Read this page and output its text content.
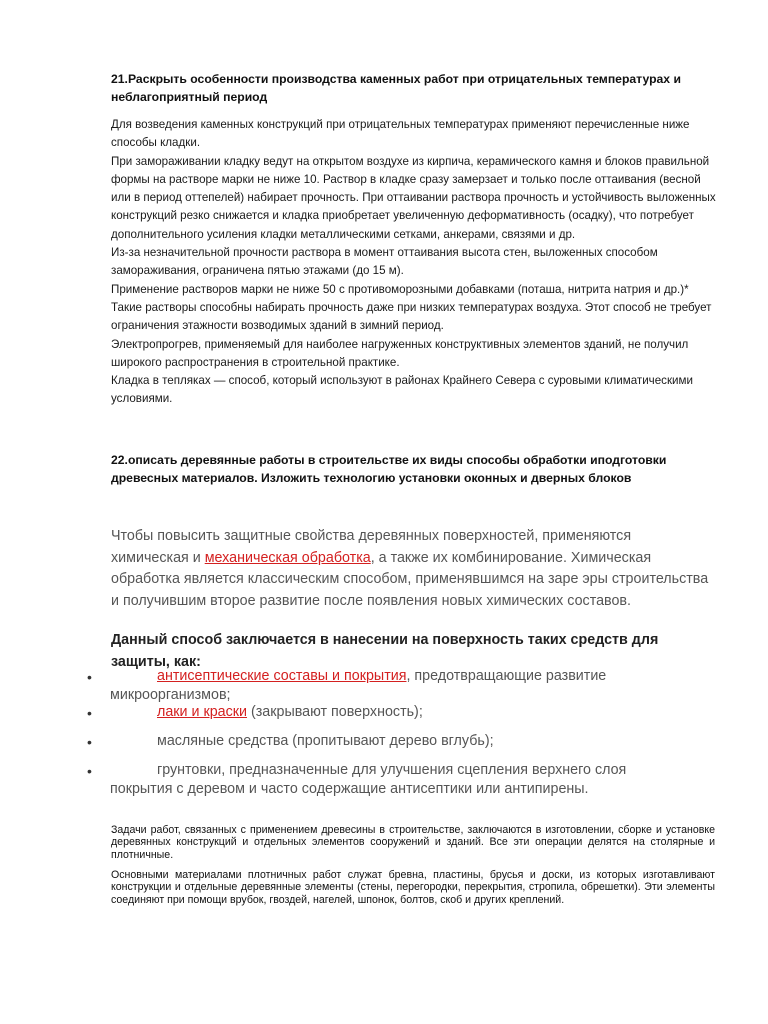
21.Раскрыть особенности производства каменных работ при отрицательных температурах и неблагоприятный период

Для возведения каменных конструкций при отрицательных температурах применяют перечисленные ниже способы кладки.

При замораживании кладку ведут на открытом воздухе из кирпича, керамического камня и блоков правильной формы на растворе марки не ниже 10. Раствор в кладке сразу замерзает и только после оттаивания (весной или в период оттепелей) набирает прочность. При оттаивании раствора прочность и устойчивость выложенных конструкций резко снижается и кладка приобретает увеличенную деформативность (осадку), что потребует дополнительного усиления кладки металлическими сетками, анкерами, связями и др.

Из-за незначительной прочности раствора в момент оттаивания высота стен, выложенных способом замораживания, ограничена пятью этажами (до 15 м).

Применение растворов марки не ниже 50 с противоморозными добавками (поташа, нитрита натрия и др.)* Такие растворы способны набирать прочность даже при низких температурах воздуха. Этот способ не требует ограничения этажности возводимых зданий в зимний период.

Электропрогрев, применяемый для наиболее нагруженных конструктивных элементов зданий, не получил широкого распространения в строительной практике.

Кладка в тепляках — способ, который используют в районах Крайнего Севера с суровыми климатическими условиями.

22.описать деревянные работы в строительстве их виды способы обработки иподготовки древесных материалов. Изложить технологию установки оконных и дверных блоков

Чтобы повысить защитные свойства деревянных поверхностей, применяются химическая и механическая обработка, а также их комбинирование. Химическая обработка является классическим способом, применявшимся на заре эры строительства и получившим второе развитие после появления новых химических составов.

Данный способ заключается в нанесении на поверхность таких средств для защиты, как:
•	антисептические составы и покрытия, предотвращающие развитие
микроорганизмов;
•	лаки и краски (закрывают поверхность);
•	масляные средства (пропитывают дерево вглубь);
•	грунтовки, предназначенные для улучшения сцепления верхнего слоя
покрытия с деревом и часто содержащие антисептики или антипирены.
Задачи работ, связанных с применением древесины в строительстве, заключаются в изготовлении, сборке и установке деревянных конструкций и отдельных элементов сооружений и зданий. Все эти операции делятся на столярные и плотничные.
Основными материалами плотничных работ служат бревна, пластины, брусья и доски, из которых изготавливают конструкции и отдельные деревянные элементы (стены, перегородки, перекрытия, стропила, обрешетки). Эти элементы соединяют при помощи врубок, гвоздей, нагелей, шпонок, болтов, скоб и других креплений.
